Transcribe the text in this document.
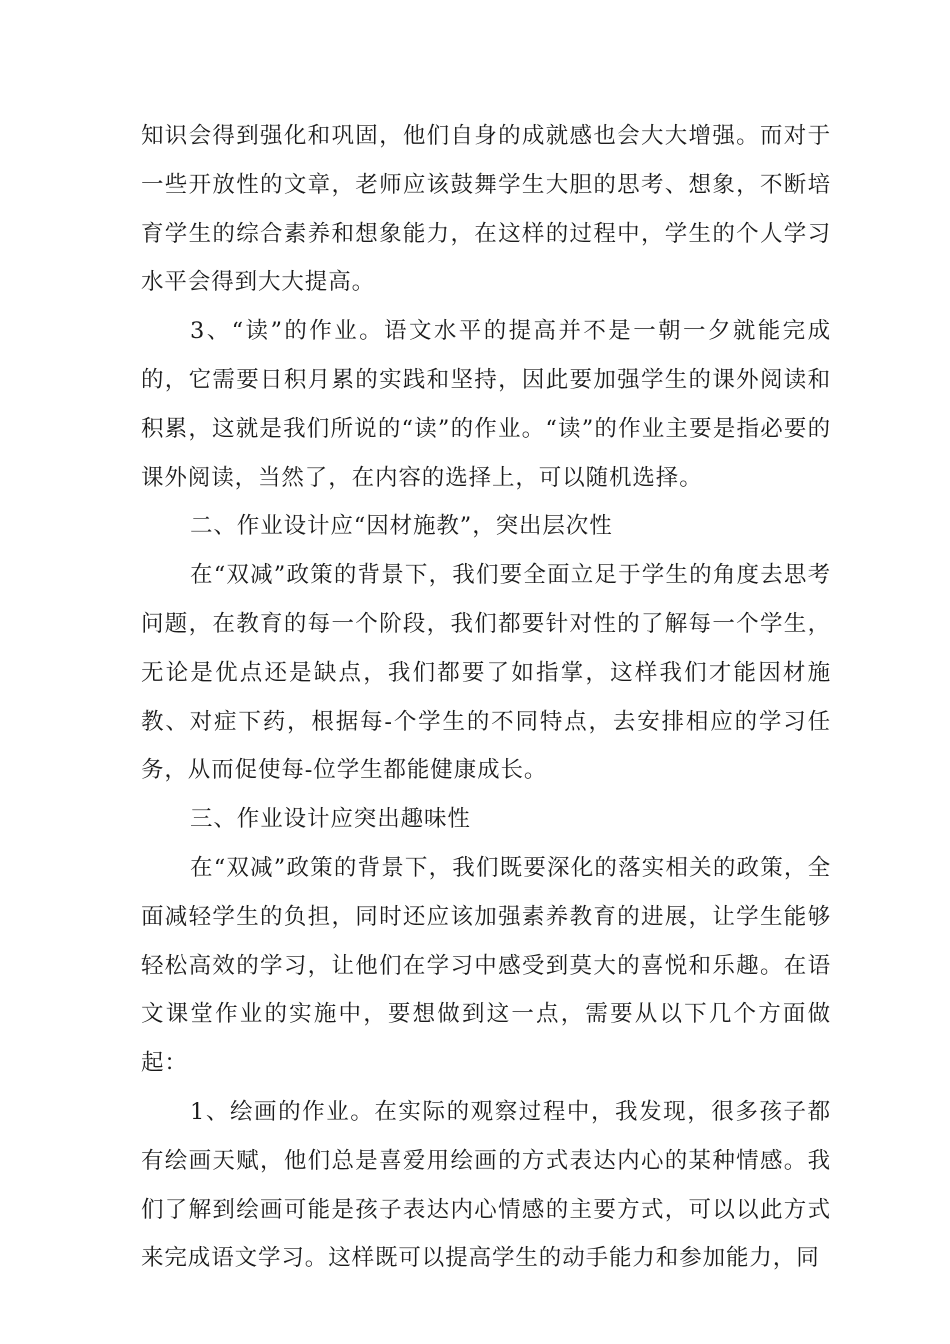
知识会得到强化和巩固，他们自身的成就感也会大大增强。而对于一些开放性的文章，老师应该鼓舞学生大胆的思考、想象，不断培育学生的综合素养和想象能力，在这样的过程中，学生的个人学习水平会得到大大提高。

3、“读”的作业。语文水平的提高并不是一朝一夕就能完成的，它需要日积月累的实践和坚持，因此要加强学生的课外阅读和积累，这就是我们所说的“读”的作业。“读”的作业主要是指必要的课外阅读，当然了，在内容的选择上，可以随机选择。

二、作业设计应“因材施教”，突出层次性

在“双减”政策的背景下，我们要全面立足于学生的角度去思考问题，在教育的每一个阶段，我们都要针对性的了解每一个学生，无论是优点还是缺点，我们都要了如指掌，这样我们才能因材施教、对症下药，根据每-个学生的不同特点，去安排相应的学习任务，从而促使每-位学生都能健康成长。

三、作业设计应突出趣味性

在“双减”政策的背景下，我们既要深化的落实相关的政策，全面减轻学生的负担，同时还应该加强素养教育的进展，让学生能够轻松高效的学习，让他们在学习中感受到莫大的喜悦和乐趣。在语文课堂作业的实施中，要想做到这一点，需要从以下几个方面做起：

1、绘画的作业。在实际的观察过程中，我发现，很多孩子都有绘画天赋，他们总是喜爱用绘画的方式表达内心的某种情感。我们了解到绘画可能是孩子表达内心情感的主要方式，可以以此方式来完成语文学习。这样既可以提高学生的动手能力和参加能力，同
